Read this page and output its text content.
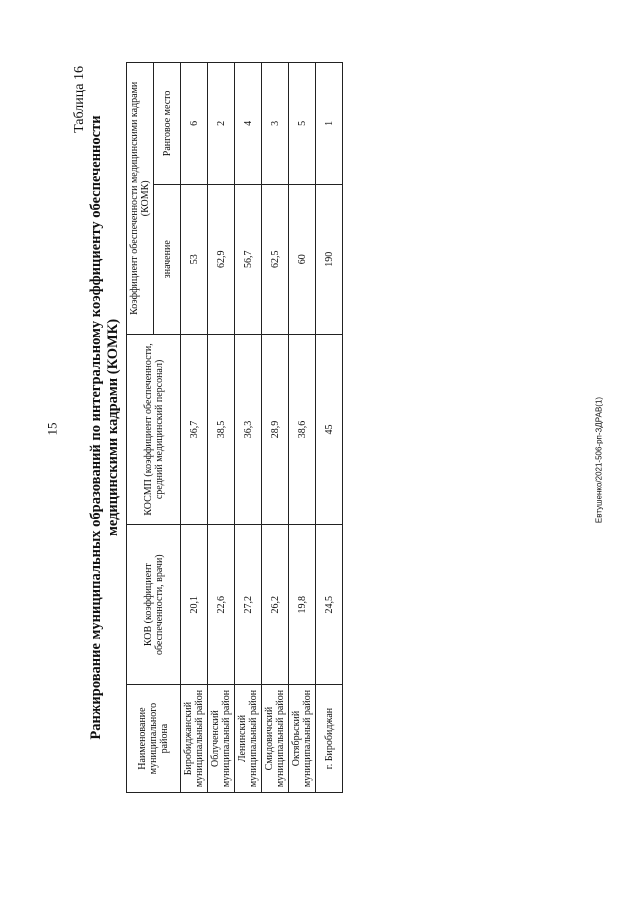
15	Евтушенко/2021-506-рп-ЗДРАВ(1)
Таблица 16
Ранжирование муниципальных образований по интегральному коэффициенту обеспеченности медицинскими кадрами (КОМК)
Наименование муниципального района	КОВ (коэффициент обеспеченности, врачи)	КОСМП (коэффициент обеспеченности, средний медицинский персонал)	Коэффициент обеспеченности медицинскими кадрами (КОМК)	
			значение	Ранговое место
Биробиджанский муниципальный район	20,1	36,7	53	6
Облученский муниципальный район	22,6	38,5	62,9	2
Ленинский муниципальный район	27,2	36,3	56,7	4
Смидовичский муниципальный район	26,2	28,9	62,5	3
Октябрьский муниципальный район	19,8	38,6	60	5
г. Биробиджан	24,5	45	190	1
